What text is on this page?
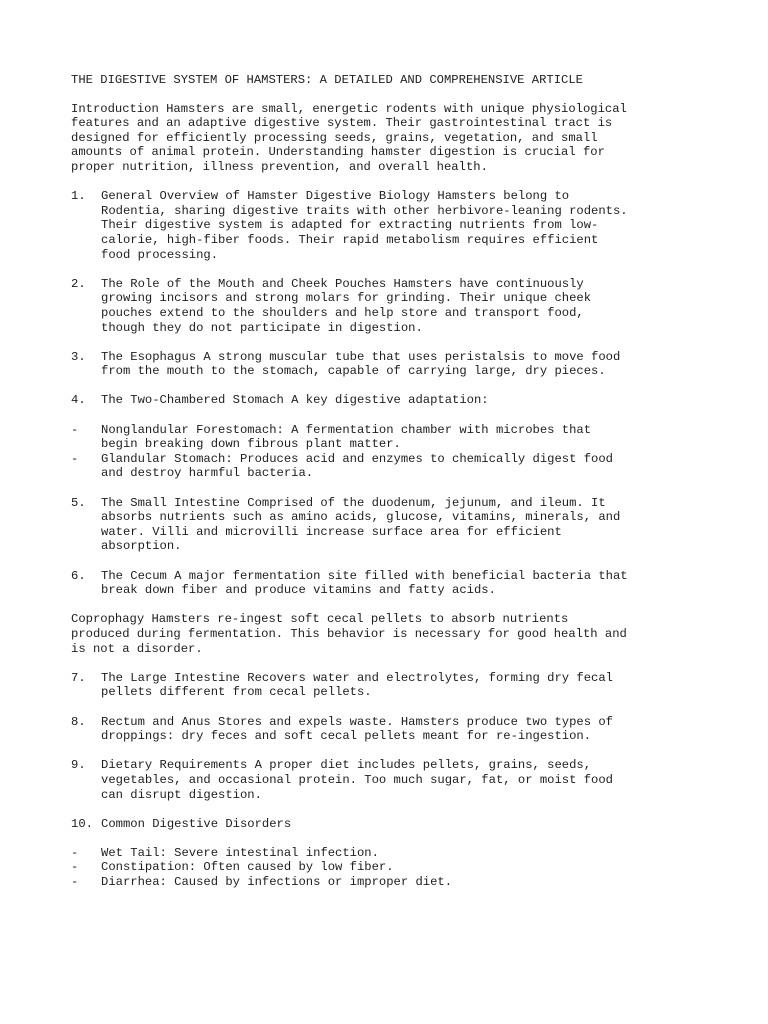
THE DIGESTIVE SYSTEM OF HAMSTERS: A DETAILED AND COMPREHENSIVE ARTICLE
Introduction Hamsters are small, energetic rodents with unique physiological features and an adaptive digestive system. Their gastrointestinal tract is designed for efficiently processing seeds, grains, vegetation, and small amounts of animal protein. Understanding hamster digestion is crucial for proper nutrition, illness prevention, and overall health.
1.	General Overview of Hamster Digestive Biology Hamsters belong to Rodentia, sharing digestive traits with other herbivore-leaning rodents. Their digestive system is adapted for extracting nutrients from low-calorie, high-fiber foods. Their rapid metabolism requires efficient food processing.
2.	The Role of the Mouth and Cheek Pouches Hamsters have continuously growing incisors and strong molars for grinding. Their unique cheek pouches extend to the shoulders and help store and transport food, though they do not participate in digestion.
3.	The Esophagus A strong muscular tube that uses peristalsis to move food from the mouth to the stomach, capable of carrying large, dry pieces.
4.	The Two-Chambered Stomach A key digestive adaptation:
-	Nonglandular Forestomach: A fermentation chamber with microbes that begin breaking down fibrous plant matter.
-	Glandular Stomach: Produces acid and enzymes to chemically digest food and destroy harmful bacteria.
5.	The Small Intestine Comprised of the duodenum, jejunum, and ileum. It absorbs nutrients such as amino acids, glucose, vitamins, minerals, and water. Villi and microvilli increase surface area for efficient absorption.
6.	The Cecum A major fermentation site filled with beneficial bacteria that break down fiber and produce vitamins and fatty acids.
Coprophagy Hamsters re-ingest soft cecal pellets to absorb nutrients produced during fermentation. This behavior is necessary for good health and is not a disorder.
7.	The Large Intestine Recovers water and electrolytes, forming dry fecal pellets different from cecal pellets.
8.	Rectum and Anus Stores and expels waste. Hamsters produce two types of droppings: dry feces and soft cecal pellets meant for re-ingestion.
9.	Dietary Requirements A proper diet includes pellets, grains, seeds, vegetables, and occasional protein. Too much sugar, fat, or moist food can disrupt digestion.
10. Common Digestive Disorders
-	Wet Tail: Severe intestinal infection.
-	Constipation: Often caused by low fiber.
-	Diarrhea: Caused by infections or improper diet.
